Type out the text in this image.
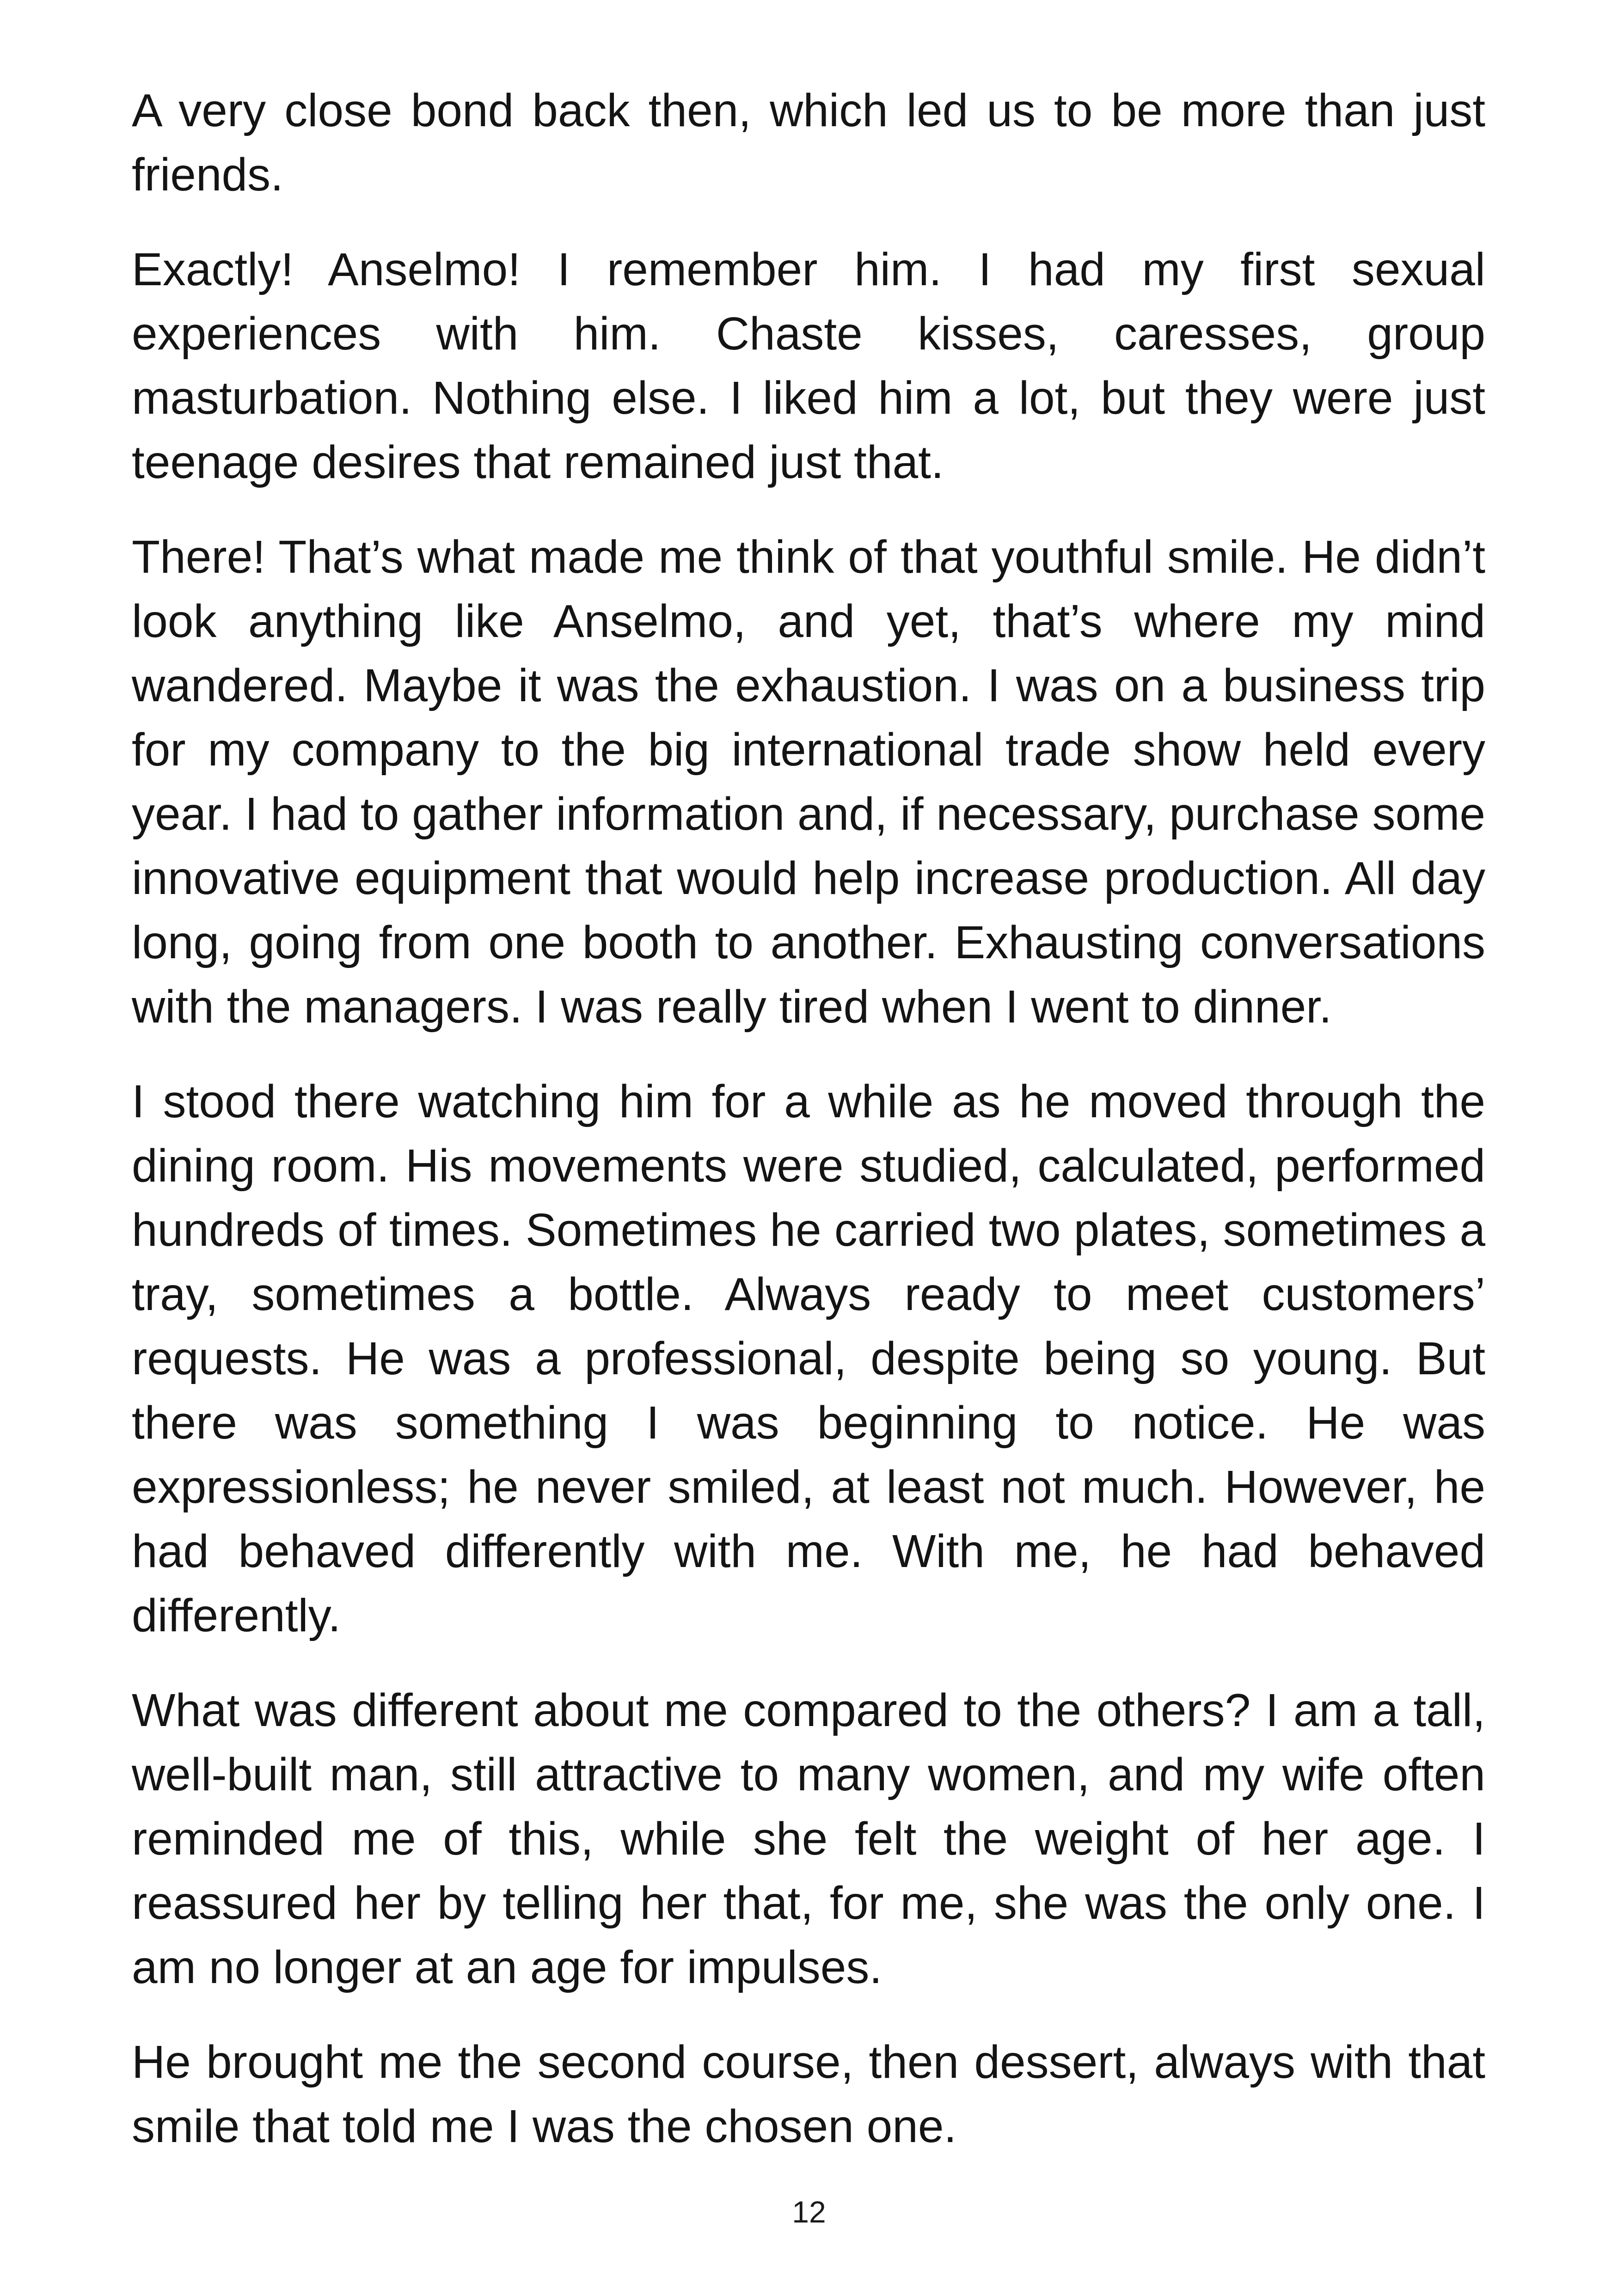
A very close bond back then, which led us to be more than just friends.

Exactly! Anselmo! I remember him. I had my first sexual experiences with him. Chaste kisses, caresses, group masturbation. Nothing else. I liked him a lot, but they were just teenage desires that remained just that.

There! That’s what made me think of that youthful smile. He didn’t look anything like Anselmo, and yet, that’s where my mind wandered. Maybe it was the exhaustion. I was on a business trip for my company to the big international trade show held every year. I had to gather information and, if necessary, purchase some innovative equipment that would help increase production. All day long, going from one booth to another. Exhausting conversations with the managers. I was really tired when I went to dinner.

I stood there watching him for a while as he moved through the dining room. His movements were studied, calculated, performed hundreds of times. Sometimes he carried two plates, sometimes a tray, sometimes a bottle. Always ready to meet customers’ requests. He was a professional, despite being so young. But there was something I was beginning to notice. He was expressionless; he never smiled, at least not much. However, he had behaved differently with me. With me, he had behaved differently.

What was different about me compared to the others? I am a tall, well-built man, still attractive to many women, and my wife often reminded me of this, while she felt the weight of her age. I reassured her by telling her that, for me, she was the only one. I am no longer at an age for impulses.

He brought me the second course, then dessert, always with that smile that told me I was the chosen one.

12
